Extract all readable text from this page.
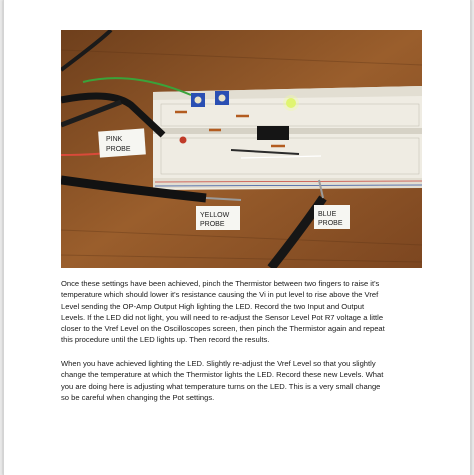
PINK
PROBE
YELLOW
PROBE
BLUE
PROBE

Once these settings have been achieved, pinch the Thermistor between two fingers to raise it's
temperature which should lower it's resistance causing the Vi in put level to rise above the Vref
Level sending the OP-Amp Output High lighting the LED. Record the two Input and Output
Levels. If the LED did not light, you will need to re-adjust the Sensor Level Pot R7 voltage a little
closer to the Vref Level on the Oscilloscopes screen, then pinch the Thermistor again and repeat
this procedure until the LED lights up. Then record the results.

When you have achieved lighting the LED. Slightly re-adjust the Vref Level so that you slightly
change the temperature at which the Thermistor lights the LED. Record these new Levels. What
you are doing here is adjusting what temperature turns on the LED. This is a very small change
so be careful when changing the Pot settings.
